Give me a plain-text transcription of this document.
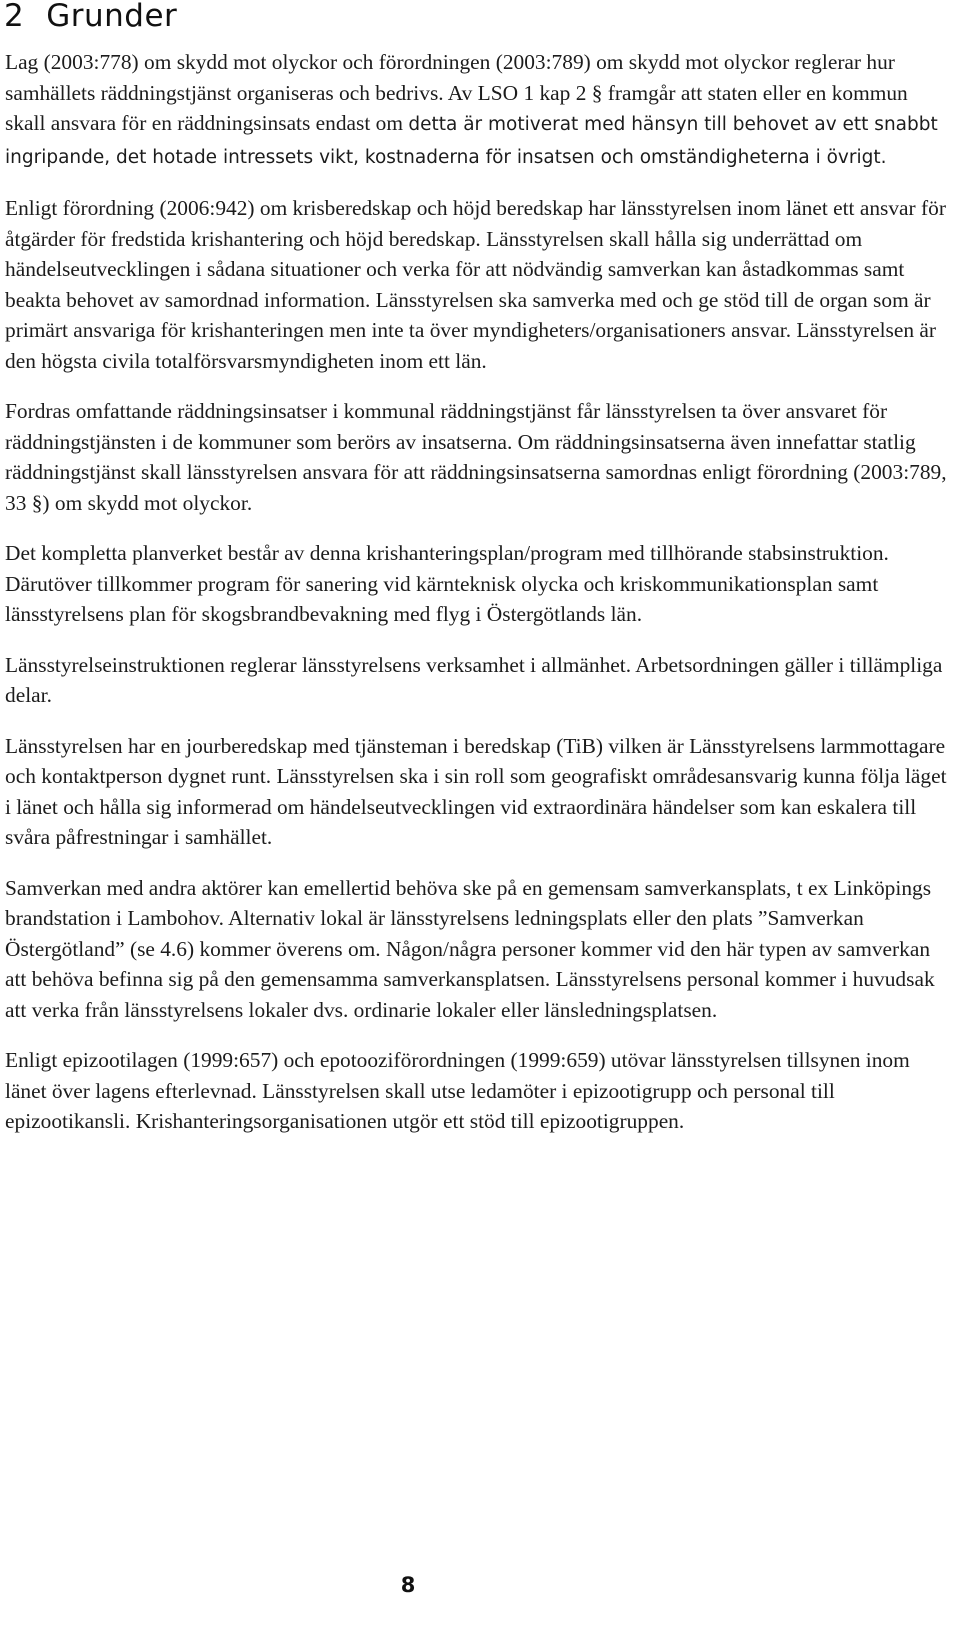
2 Grunder

Lag (2003:778) om skydd mot olyckor och förordningen (2003:789) om skydd mot olyckor reglerar hur samhällets räddningstjänst organiseras och bedrivs. Av LSO 1 kap 2 § framgår att staten eller en kommun skall ansvara för en räddningsinsats endast om detta är motiverat med hänsyn till behovet av ett snabbt ingripande, det hotade intressets vikt, kostnaderna för insatsen och omständigheterna i övrigt.

Enligt förordning (2006:942) om krisberedskap och höjd beredskap har länsstyrelsen inom länet ett ansvar för åtgärder för fredstida krishantering och höjd beredskap. Länsstyrelsen skall hålla sig underrättad om händelseutvecklingen i sådana situationer och verka för att nödvändig samverkan kan åstadkommas samt beakta behovet av samordnad information. Länsstyrelsen ska samverka med och ge stöd till de organ som är primärt ansvariga för krishanteringen men inte ta över myndigheters/organisationers ansvar. Länsstyrelsen är den högsta civila totalförsvarsmyndigheten inom ett län.

Fordras omfattande räddningsinsatser i kommunal räddningstjänst får länsstyrelsen ta över ansvaret för räddningstjänsten i de kommuner som berörs av insatserna. Om räddningsinsatserna även innefattar statlig räddningstjänst skall länsstyrelsen ansvara för att räddningsinsatserna samordnas enligt förordning (2003:789, 33 §) om skydd mot olyckor.

Det kompletta planverket består av denna krishanteringsplan/program med tillhörande stabsinstruktion. Därutöver tillkommer program för sanering vid kärnteknisk olycka och kriskommunikationsplan samt länsstyrelsens plan för skogsbrandbevakning med flyg i Östergötlands län.

Länsstyrelseinstruktionen reglerar länsstyrelsens verksamhet i allmänhet. Arbetsordningen gäller i tillämpliga delar.

Länsstyrelsen har en jourberedskap med tjänsteman i beredskap (TiB) vilken är Länsstyrelsens larmmottagare och kontaktperson dygnet runt. Länsstyrelsen ska i sin roll som geografiskt områdesansvarig kunna följa läget i länet och hålla sig informerad om händelseutvecklingen vid extraordinära händelser som kan eskalera till svåra påfrestningar i samhället.

Samverkan med andra aktörer kan emellertid behöva ske på en gemensam samverkansplats, t ex Linköpings brandstation i Lambohov. Alternativ lokal är länsstyrelsens ledningsplats eller den plats ”Samverkan Östergötland” (se 4.6) kommer överens om. Någon/några personer kommer vid den här typen av samverkan att behöva befinna sig på den gemensamma samverkansplatsen. Länsstyrelsens personal kommer i huvudsak att verka från länsstyrelsens lokaler dvs. ordinarie lokaler eller länsledningsplatsen.

Enligt epizootilagen (1999:657) och epotooziförordningen (1999:659) utövar länsstyrelsen tillsynen inom länet över lagens efterlevnad. Länsstyrelsen skall utse ledamöter i epizootigrupp och personal till epizootikansli. Krishanteringsorganisationen utgör ett stöd till epizootigruppen.

8
